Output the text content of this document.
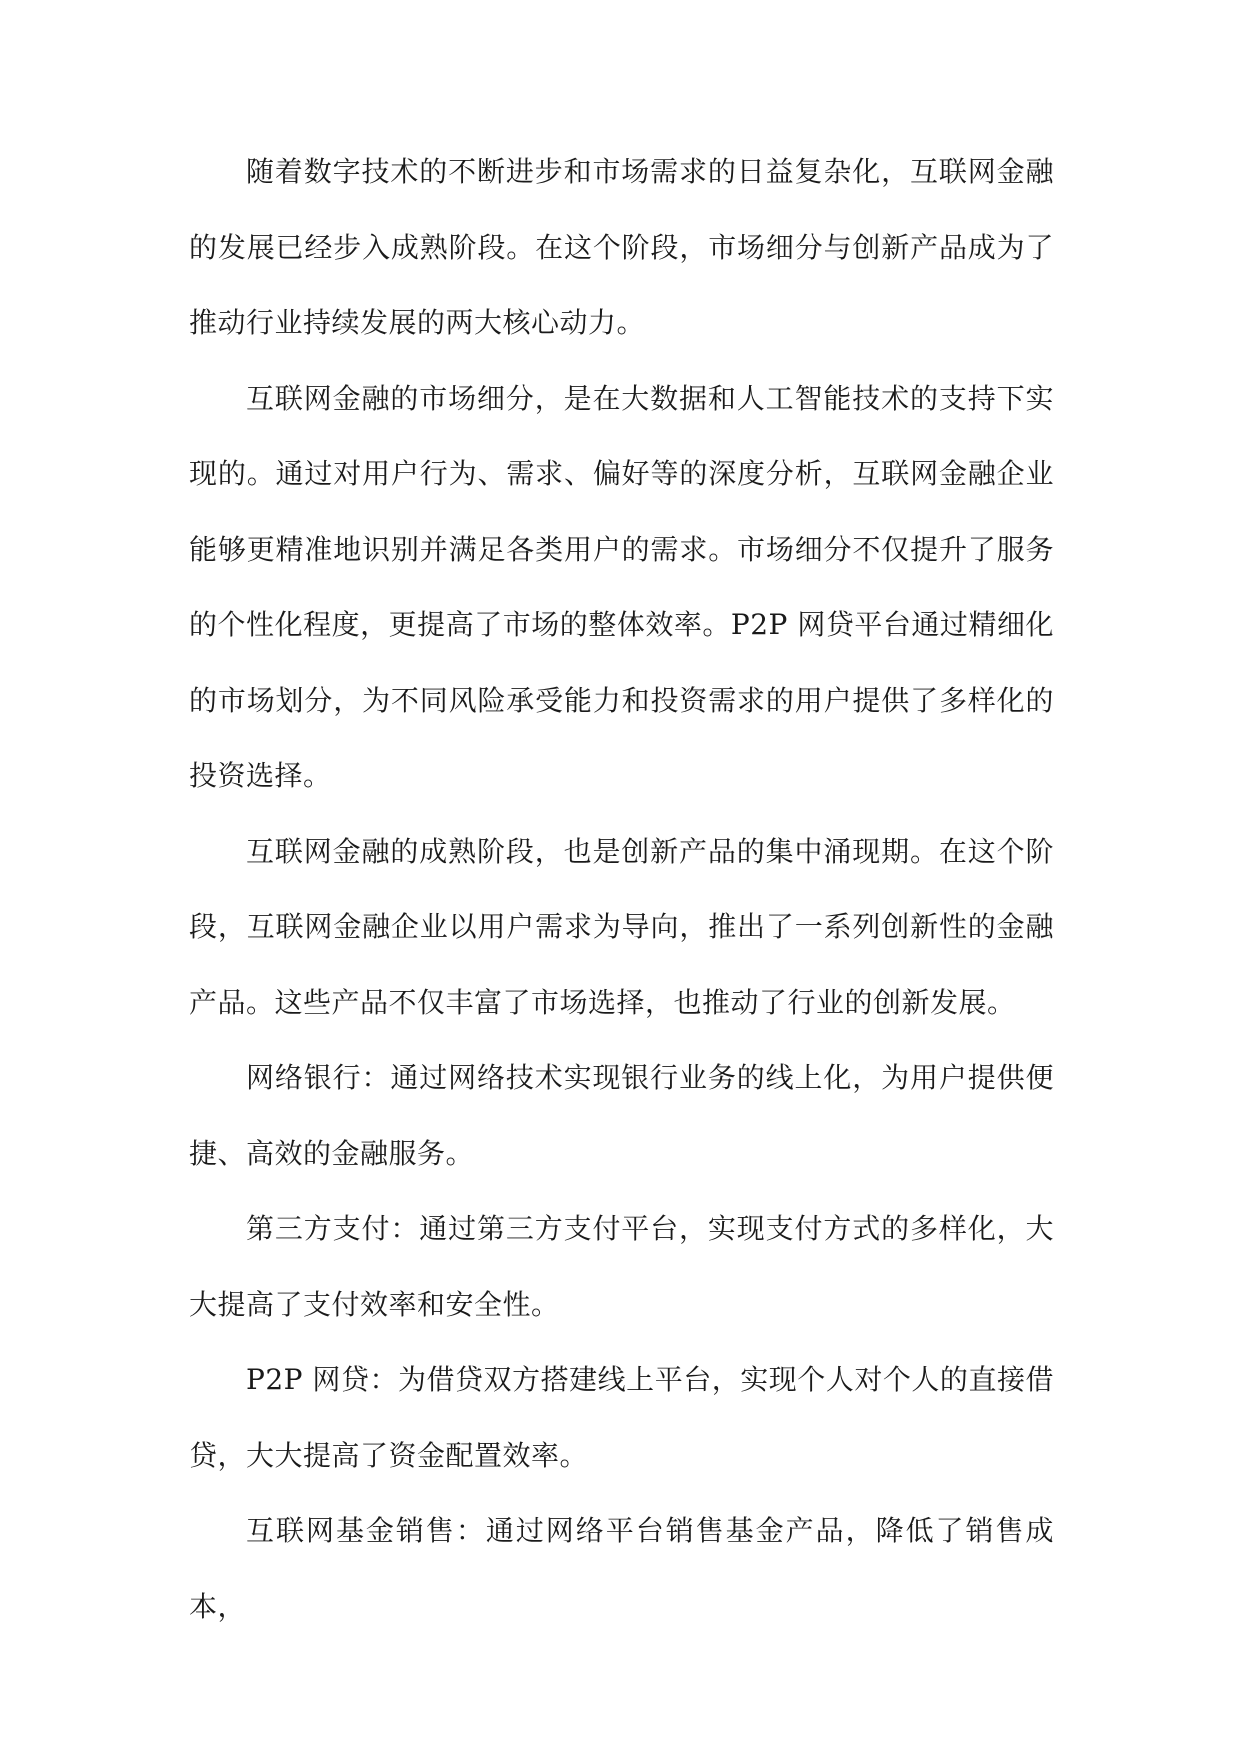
随着数字技术的不断进步和市场需求的日益复杂化，互联网金融的发展已经步入成熟阶段。在这个阶段，市场细分与创新产品成为了推动行业持续发展的两大核心动力。

互联网金融的市场细分，是在大数据和人工智能技术的支持下实现的。通过对用户行为、需求、偏好等的深度分析，互联网金融企业能够更精准地识别并满足各类用户的需求。市场细分不仅提升了服务的个性化程度，更提高了市场的整体效率。P2P 网贷平台通过精细化的市场划分，为不同风险承受能力和投资需求的用户提供了多样化的投资选择。

互联网金融的成熟阶段，也是创新产品的集中涌现期。在这个阶段，互联网金融企业以用户需求为导向，推出了一系列创新性的金融产品。这些产品不仅丰富了市场选择，也推动了行业的创新发展。

网络银行：通过网络技术实现银行业务的线上化，为用户提供便捷、高效的金融服务。

第三方支付：通过第三方支付平台，实现支付方式的多样化，大大提高了支付效率和安全性。

P2P 网贷：为借贷双方搭建线上平台，实现个人对个人的直接借贷，大大提高了资金配置效率。

互联网基金销售：通过网络平台销售基金产品，降低了销售成本，
